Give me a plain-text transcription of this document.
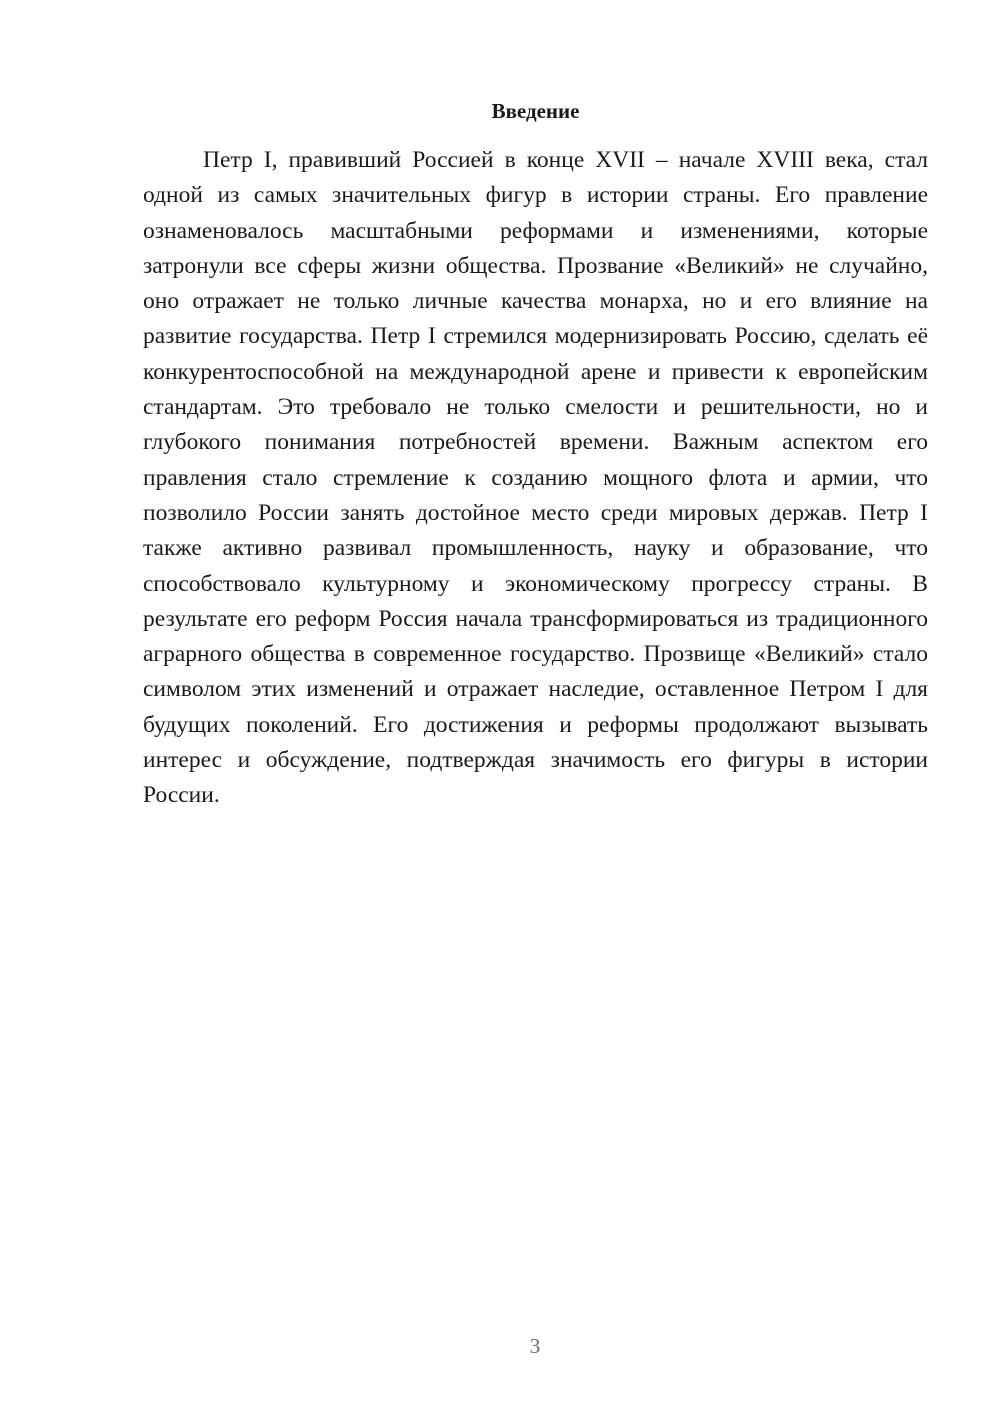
Введение

Петр I, правивший Россией в конце XVII – начале XVIII века, стал одной из самых значительных фигур в истории страны. Его правление ознаменовалось масштабными реформами и изменениями, которые затронули все сферы жизни общества. Прозвание «Великий» не случайно, оно отражает не только личные качества монарха, но и его влияние на развитие государства. Петр I стремился модернизировать Россию, сделать её конкурентоспособной на международной арене и привести к европейским стандартам. Это требовало не только смелости и решительности, но и глубокого понимания потребностей времени. Важным аспектом его правления стало стремление к созданию мощного флота и армии, что позволило России занять достойное место среди мировых держав. Петр I также активно развивал промышленность, науку и образование, что способствовало культурному и экономическому прогрессу страны. В результате его реформ Россия начала трансформироваться из традиционного аграрного общества в современное государство. Прозвище «Великий» стало символом этих изменений и отражает наследие, оставленное Петром I для будущих поколений. Его достижения и реформы продолжают вызывать интерес и обсуждение, подтверждая значимость его фигуры в истории России.

3
